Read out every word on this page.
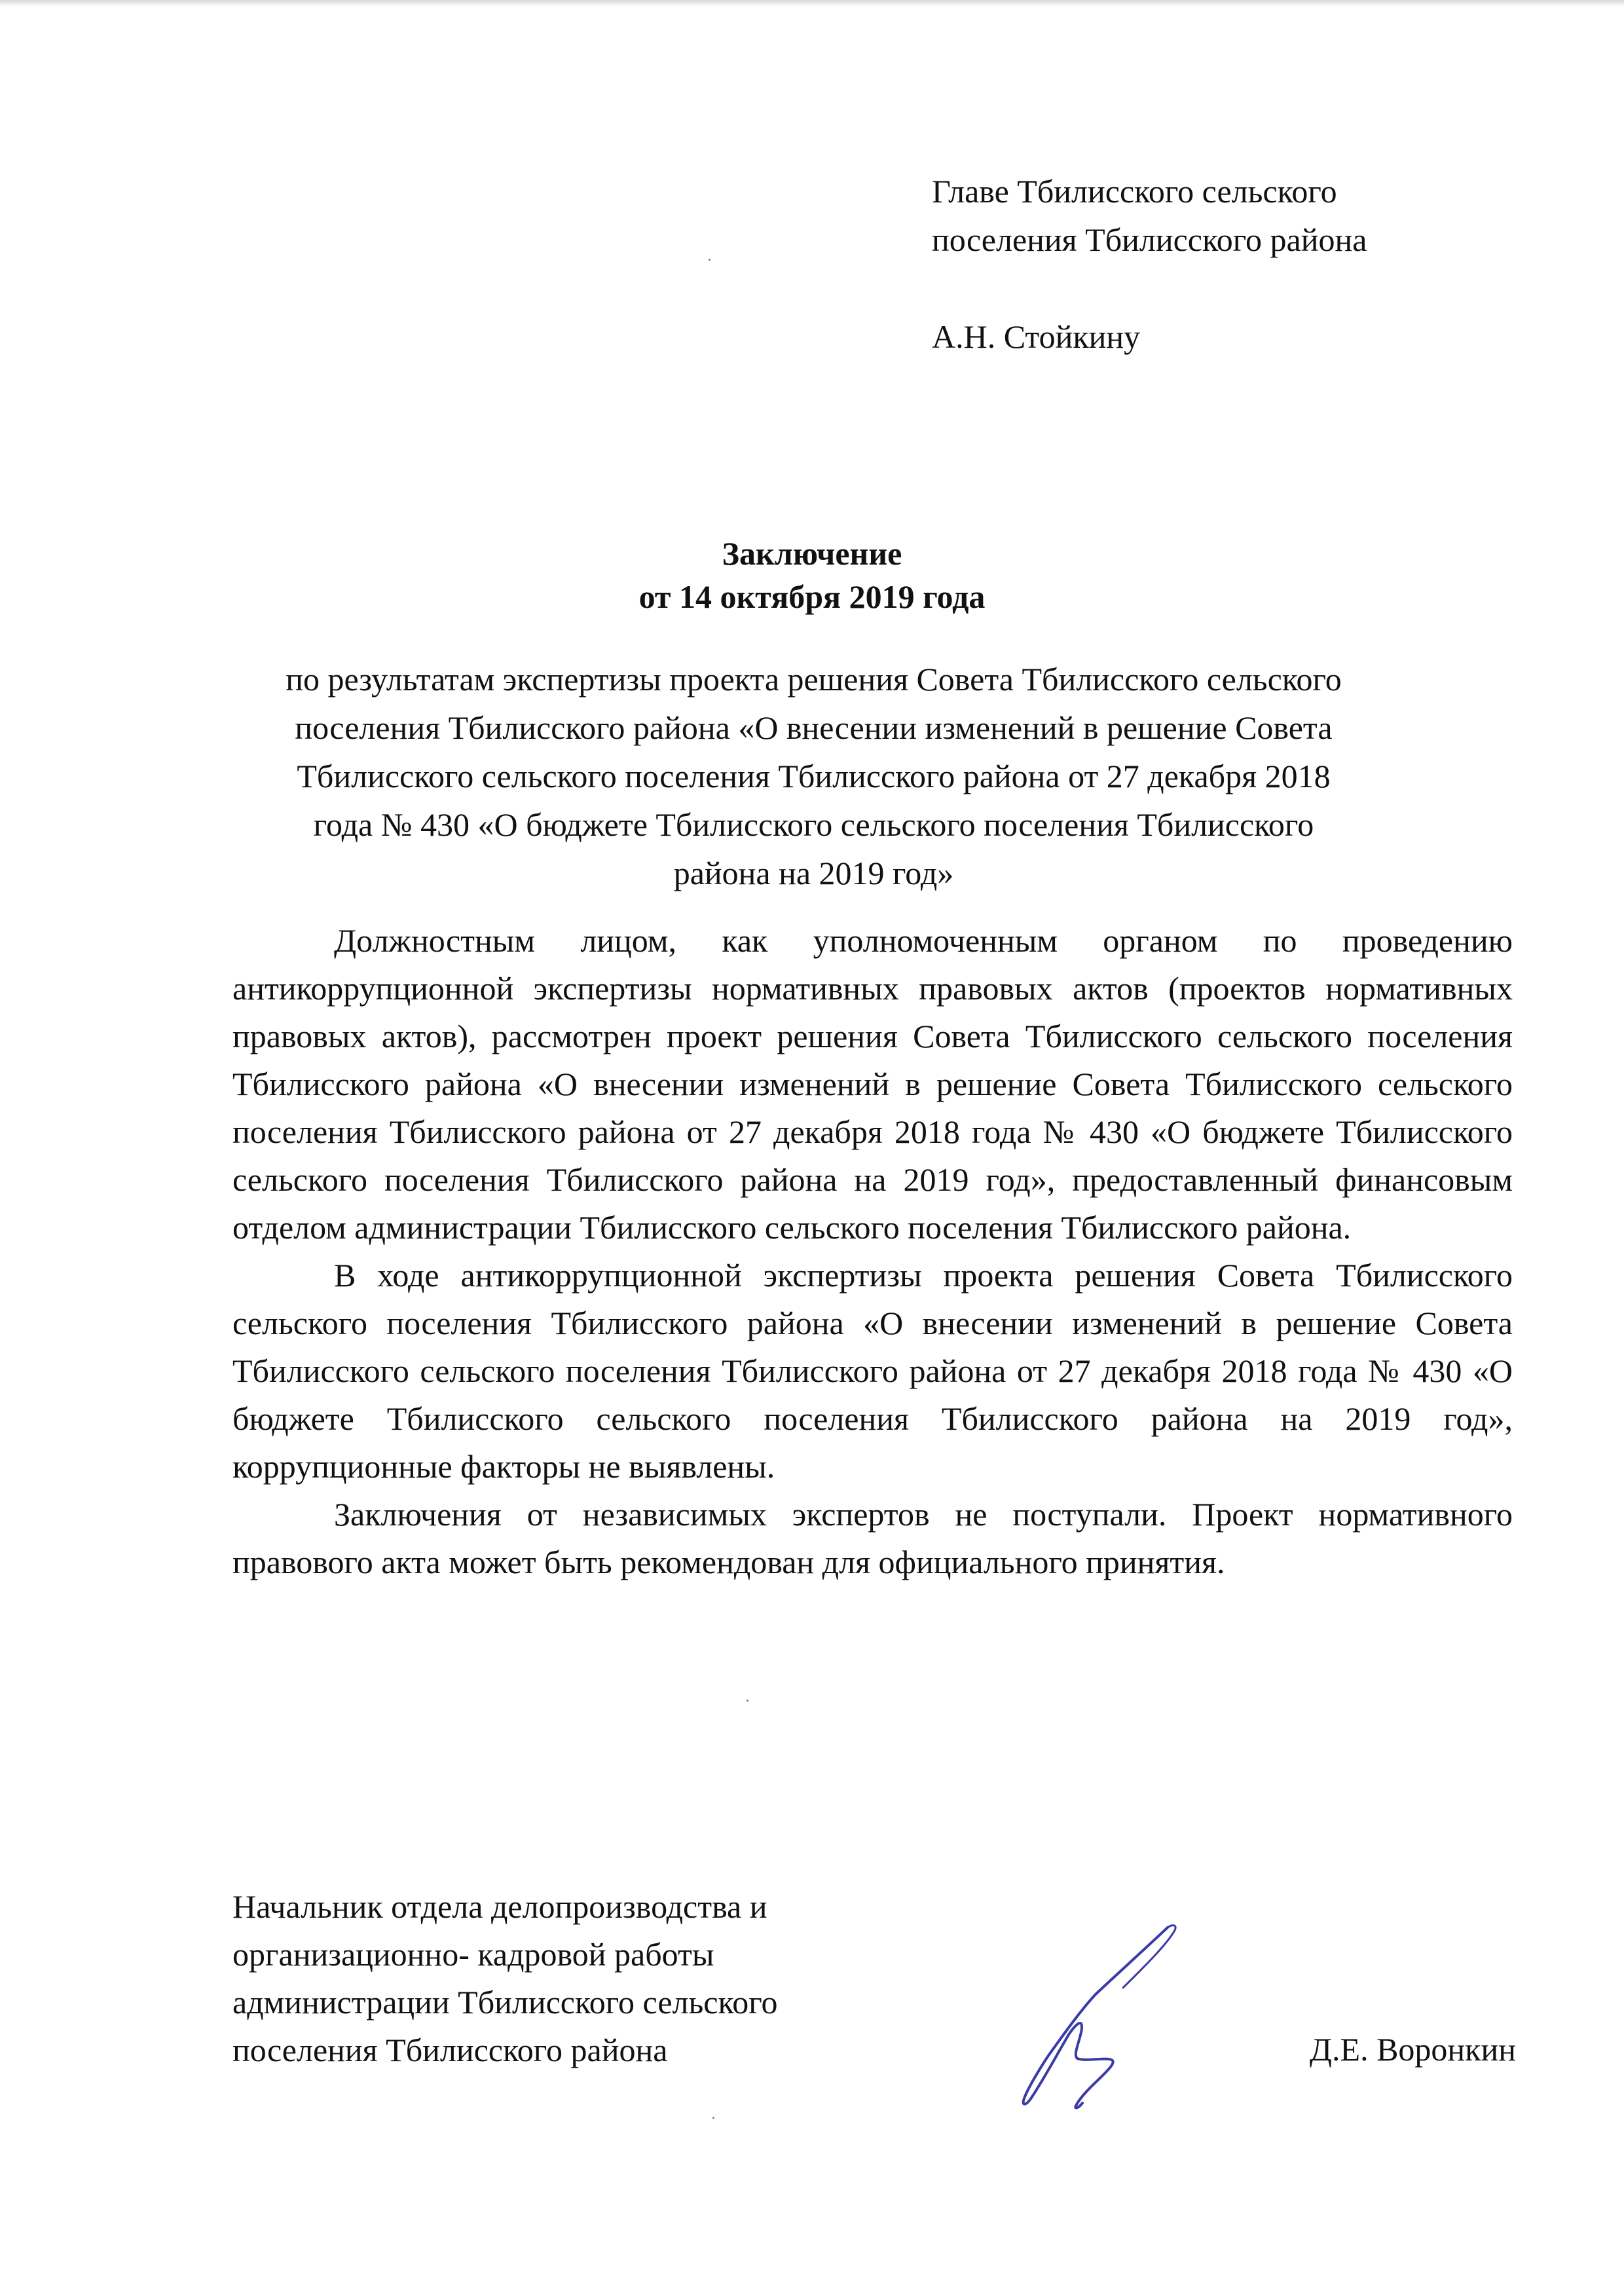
Главе Тбилисского сельского
поселения Тбилисского района
А.Н. Стойкину
Заключение
от 14 октября 2019 года
по результатам экспертизы проекта решения Совета Тбилисского сельского
поселения Тбилисского района «О внесении изменений в решение Совета
Тбилисского сельского поселения Тбилисского района от 27 декабря 2018
года № 430 «О бюджете Тбилисского сельского поселения Тбилисского
района на 2019 год»

Должностным лицом, как уполномоченным органом по проведению антикоррупционной экспертизы нормативных правовых актов (проектов нормативных правовых актов), рассмотрен проект решения Совета Тбилисского сельского поселения Тбилисского района «О внесении изменений в решение Совета Тбилисского сельского поселения Тбилисского района от 27 декабря 2018 года № 430 «О бюджете Тбилисского сельского поселения Тбилисского района на 2019 год», предоставленный финансовым отделом администрации Тбилисского сельского поселения Тбилисского района.

В ходе антикоррупционной экспертизы проекта решения Совета Тбилисского сельского поселения Тбилисского района «О внесении изменений в решение Совета Тбилисского сельского поселения Тбилисского района от 27 декабря 2018 года № 430 «О бюджете Тбилисского сельского поселения Тбилисского района на 2019 год», коррупционные факторы не выявлены.

Заключения от независимых экспертов не поступали. Проект нормативного правового акта может быть рекомендован для официального принятия.

Начальник отдела делопроизводства и
организационно- кадровой работы
администрации Тбилисского сельского
поселения Тбилисского района	Д.Е. Воронкин
